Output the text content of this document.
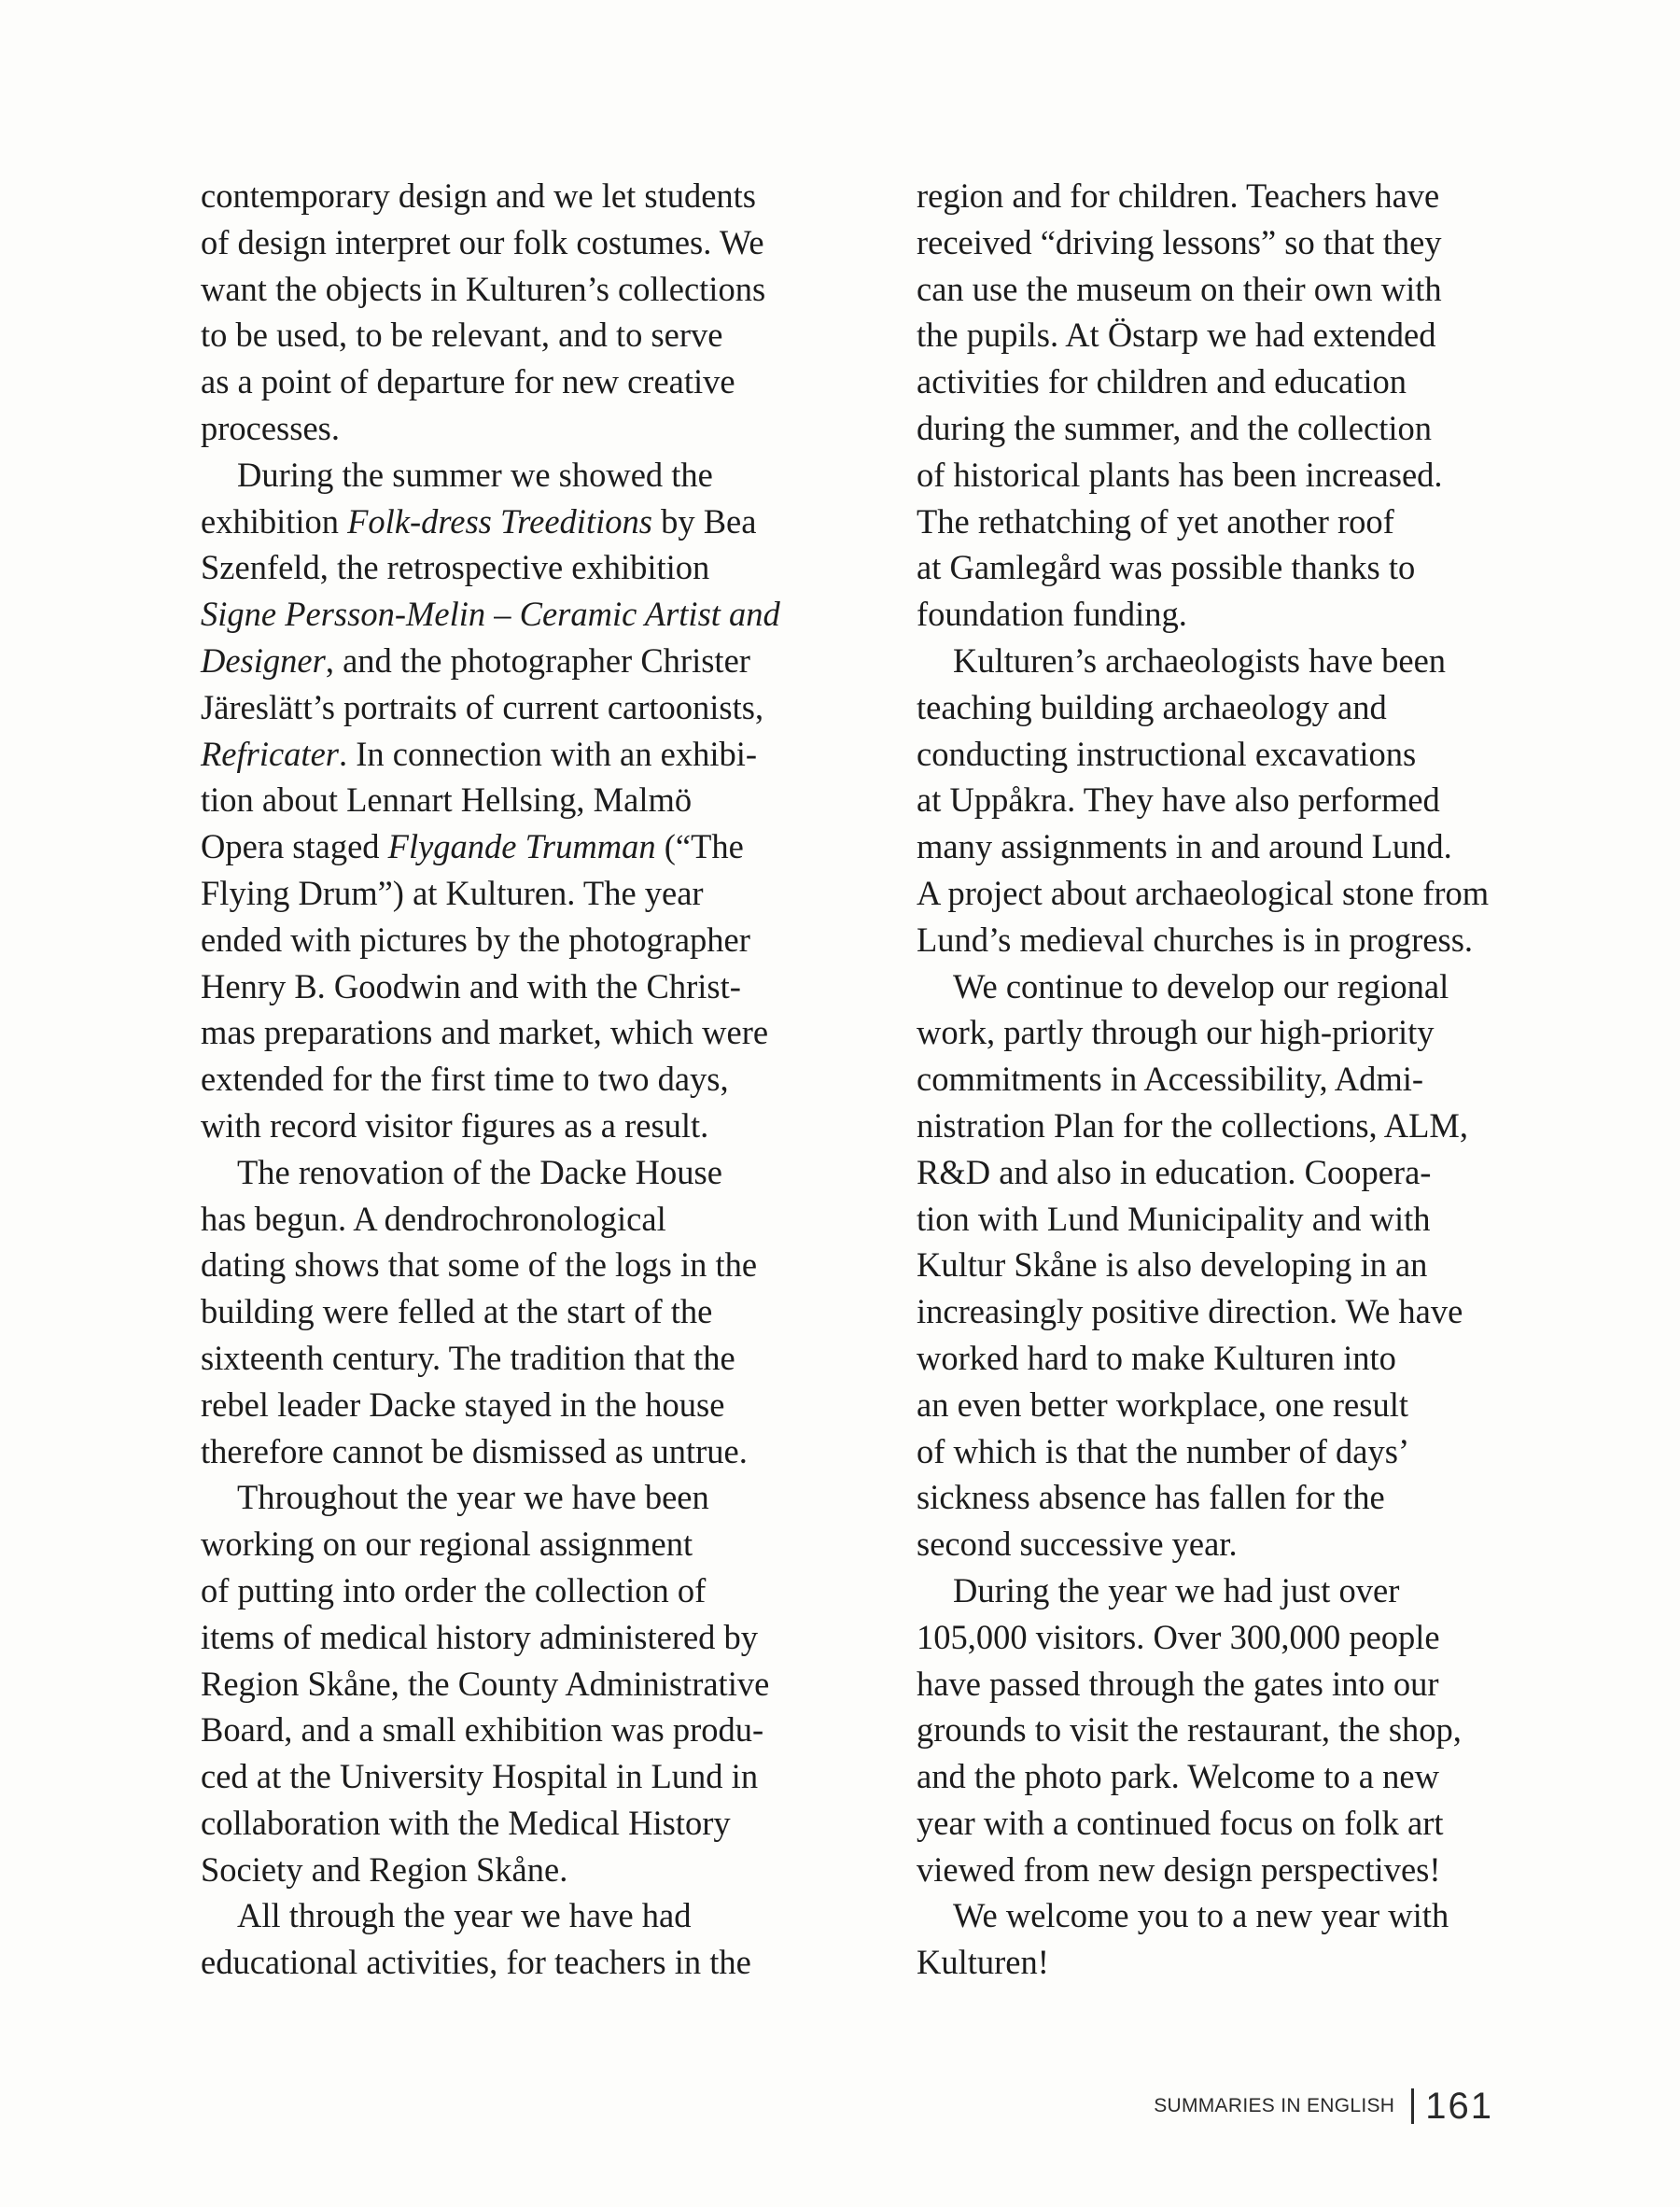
contemporary design and we let students
of design interpret our folk costumes. We
want the objects in Kulturen’s collections
to be used, to be relevant, and to serve
as a point of departure for new creative
processes.
During the summer we showed the
exhibition Folk-dress Treeditions by Bea
Szenfeld, the retrospective exhibition
Signe Persson-Melin – Ceramic Artist and
Designer, and the photographer Christer
Järeslätt’s portraits of current cartoonists,
Refricater. In connection with an exhibi-
tion about Lennart Hellsing, Malmö
Opera staged Flygande Trumman (“The
Flying Drum”) at Kulturen. The year
ended with pictures by the photographer
Henry B. Goodwin and with the Christ-
mas preparations and market, which were
extended for the first time to two days,
with record visitor figures as a result.
The renovation of the Dacke House
has begun. A dendrochronological
dating shows that some of the logs in the
building were felled at the start of the
sixteenth century. The tradition that the
rebel leader Dacke stayed in the house
therefore cannot be dismissed as untrue.
Throughout the year we have been
working on our regional assignment
of putting into order the collection of
items of medical history administered by
Region Skåne, the County Administrative
Board, and a small exhibition was produ-
ced at the University Hospital in Lund in
collaboration with the Medical History
Society and Region Skåne.
All through the year we have had
educational activities, for teachers in the
region and for children. Teachers have
received “driving lessons” so that they
can use the museum on their own with
the pupils. At Östarp we had extended
activities for children and education
during the summer, and the collection
of historical plants has been increased.
The rethatching of yet another roof
at Gamlegård was possible thanks to
foundation funding.
Kulturen’s archaeologists have been
teaching building archaeology and
conducting instructional excavations
at Uppåkra. They have also performed
many assignments in and around Lund.
A project about archaeological stone from
Lund’s medieval churches is in progress.
We continue to develop our regional
work, partly through our high-priority
commitments in Accessibility, Admi-
nistration Plan for the collections, ALM,
R&D and also in education. Coopera-
tion with Lund Municipality and with
Kultur Skåne is also developing in an
increasingly positive direction. We have
worked hard to make Kulturen into
an even better workplace, one result
of which is that the number of days’
sickness absence has fallen for the
second successive year.
During the year we had just over
105,000 visitors. Over 300,000 people
have passed through the gates into our
grounds to visit the restaurant, the shop,
and the photo park. Welcome to a new
year with a continued focus on folk art
viewed from new design perspectives!
We welcome you to a new year with
Kulturen!
SUMMARIES IN ENGLISH 161
